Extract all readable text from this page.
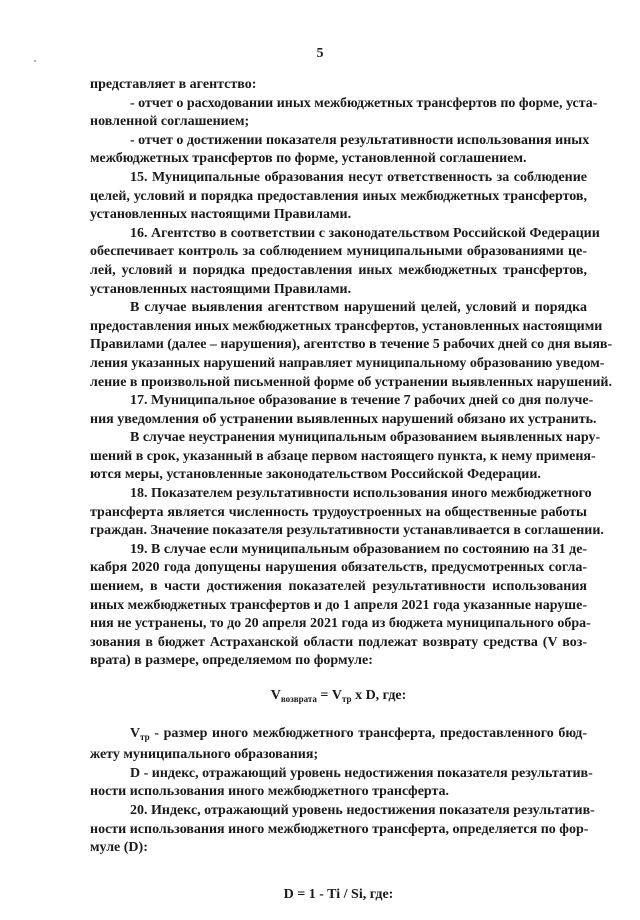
5
представляет в агентство:
- отчет о расходовании иных межбюджетных трансфертов по форме, уста-
новленной соглашением;
- отчет о достижении показателя результативности использования иных
межбюджетных трансфертов по форме, установленной соглашением.
15. Муниципальные образования несут ответственность за соблюдение
целей, условий и порядка предоставления иных межбюджетных трансфертов,
установленных настоящими Правилами.
16. Агентство в соответствии с законодательством Российской Федерации
обеспечивает контроль за соблюдением муниципальными образованиями це-
лей, условий и порядка предоставления иных межбюджетных трансфертов,
установленных настоящими Правилами.
В случае выявления агентством нарушений целей, условий и порядка
предоставления иных межбюджетных трансфертов, установленных настоящими
Правилами (далее – нарушения), агентство в течение 5 рабочих дней со дня выяв-
ления указанных нарушений направляет муниципальному образованию уведом-
ление в произвольной письменной форме об устранении выявленных нарушений.
17. Муниципальное образование в течение 7 рабочих дней со дня получе-
ния уведомления об устранении выявленных нарушений обязано их устранить.
В случае неустранения муниципальным образованием выявленных нару-
шений в срок, указанный в абзаце первом настоящего пункта, к нему применя-
ются меры, установленные законодательством Российской Федерации.
18. Показателем результативности использования иного межбюджетного
трансферта является численность трудоустроенных на общественные работы
граждан. Значение показателя результативности устанавливается в соглашении.
19. В случае если муниципальным образованием по состоянию на 31 де-
кабря 2020 года допущены нарушения обязательств, предусмотренных согла-
шением, в части достижения показателей результативности использования
иных межбюджетных трансфертов и до 1 апреля 2021 года указанные наруше-
ния не устранены, то до 20 апреля 2021 года из бюджета муниципального обра-
зования в бюджет Астраханской области подлежат возврату средства (V воз-
врата) в размере, определяемом по формуле:
$V_{возврата} = V_{тр}$ x D, где:
$V_{тр}$ - размер иного межбюджетного трансферта, предоставленного бюд-
жету муниципального образования;
D - индекс, отражающий уровень недостижения показателя результатив-
ности использования иного межбюджетного трансферта.
20. Индекс, отражающий уровень недостижения показателя результатив-
ности использования иного межбюджетного трансферта, определяется по фор-
муле (D):
D = 1 - Ti / Si, где:
